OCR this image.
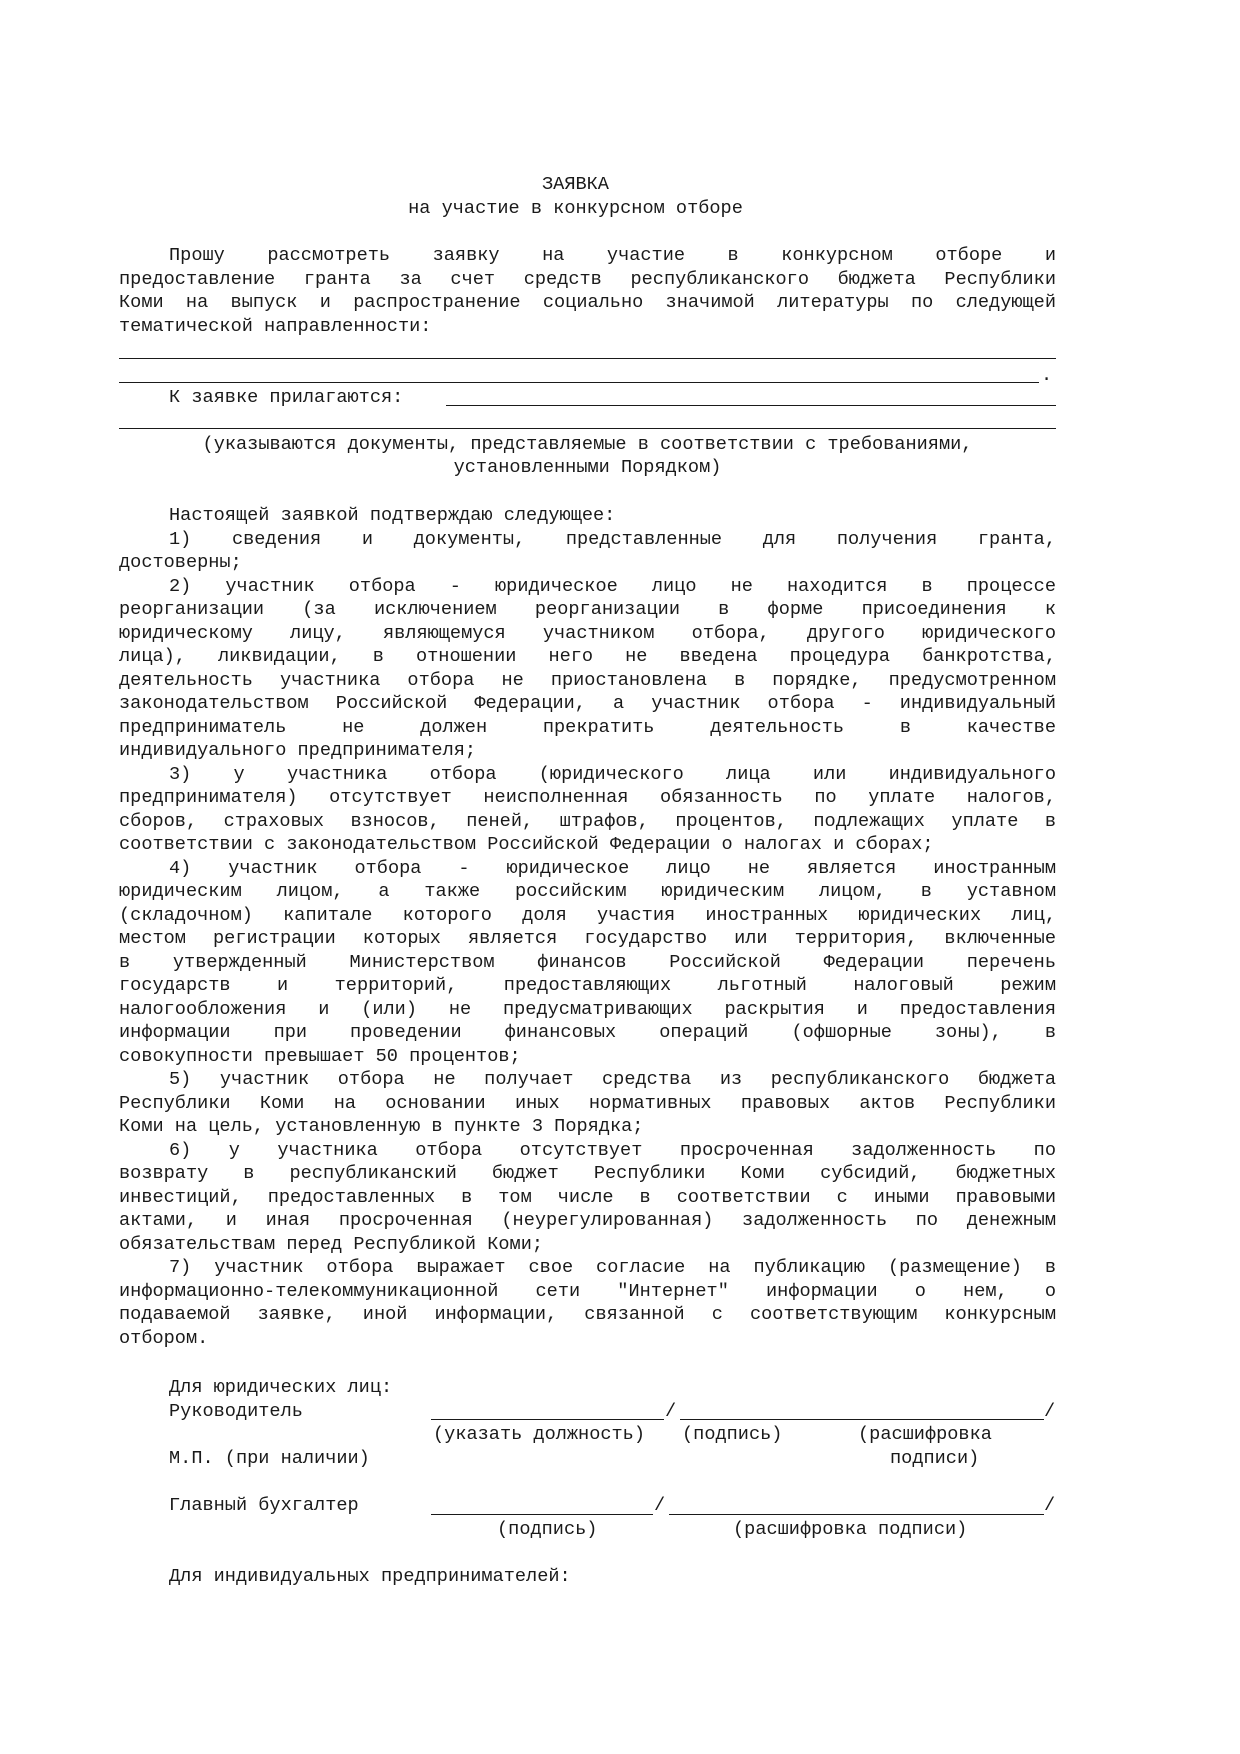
ЗАЯВКА
на участие в конкурсном отборе
Прошу рассмотреть заявку на участие в конкурсном отборе и
предоставление гранта за счет средств республиканского бюджета Республики
Коми на выпуск и распространение социально значимой литературы по следующей
тематической направленности:
.
К заявке прилагаются:
(указываются документы, представляемые в соответствии с требованиями,
установленными Порядком)
Настоящей заявкой подтверждаю следующее:
1) сведения и документы, представленные для получения гранта,
достоверны;
2) участник отбора - юридическое лицо не находится в процессе
реорганизации (за исключением реорганизации в форме присоединения к
юридическому лицу, являющемуся участником отбора, другого юридического
лица), ликвидации, в отношении него не введена процедура банкротства,
деятельность участника отбора не приостановлена в порядке, предусмотренном
законодательством Российской Федерации, а участник отбора - индивидуальный
предприниматель не должен прекратить деятельность в качестве
индивидуального предпринимателя;
3) у участника отбора (юридического лица или индивидуального
предпринимателя) отсутствует неисполненная обязанность по уплате налогов,
сборов, страховых взносов, пеней, штрафов, процентов, подлежащих уплате в
соответствии с законодательством Российской Федерации о налогах и сборах;
4) участник отбора - юридическое лицо не является иностранным
юридическим лицом, а также российским юридическим лицом, в уставном
(складочном) капитале которого доля участия иностранных юридических лиц,
местом регистрации которых является государство или территория, включенные
в утвержденный Министерством финансов Российской Федерации перечень
государств и территорий, предоставляющих льготный налоговый режим
налогообложения и (или) не предусматривающих раскрытия и предоставления
информации при проведении финансовых операций (офшорные зоны), в
совокупности превышает 50 процентов;
5) участник отбора не получает средства из республиканского бюджета
Республики Коми на основании иных нормативных правовых актов Республики
Коми на цель, установленную в пункте 3 Порядка;
6) у участника отбора отсутствует просроченная задолженность по
возврату в республиканский бюджет Республики Коми субсидий, бюджетных
инвестиций, предоставленных в том числе в соответствии с иными правовыми
актами, и иная просроченная (неурегулированная) задолженность по денежным
обязательствам перед Республикой Коми;
7) участник отбора выражает свое согласие на публикацию (размещение) в
информационно-телекоммуникационной сети "Интернет" информации о нем, о
подаваемой заявке, иной информации, связанной с соответствующим конкурсным
отбором.
Для юридических лиц:
Руководитель	/	/
(указать должность) (подпись)	(расшифровка
М.П. (при наличии)	подписи)
Главный бухгалтер	/	/
(подпись)	(расшифровка подписи)
Для индивидуальных предпринимателей:
